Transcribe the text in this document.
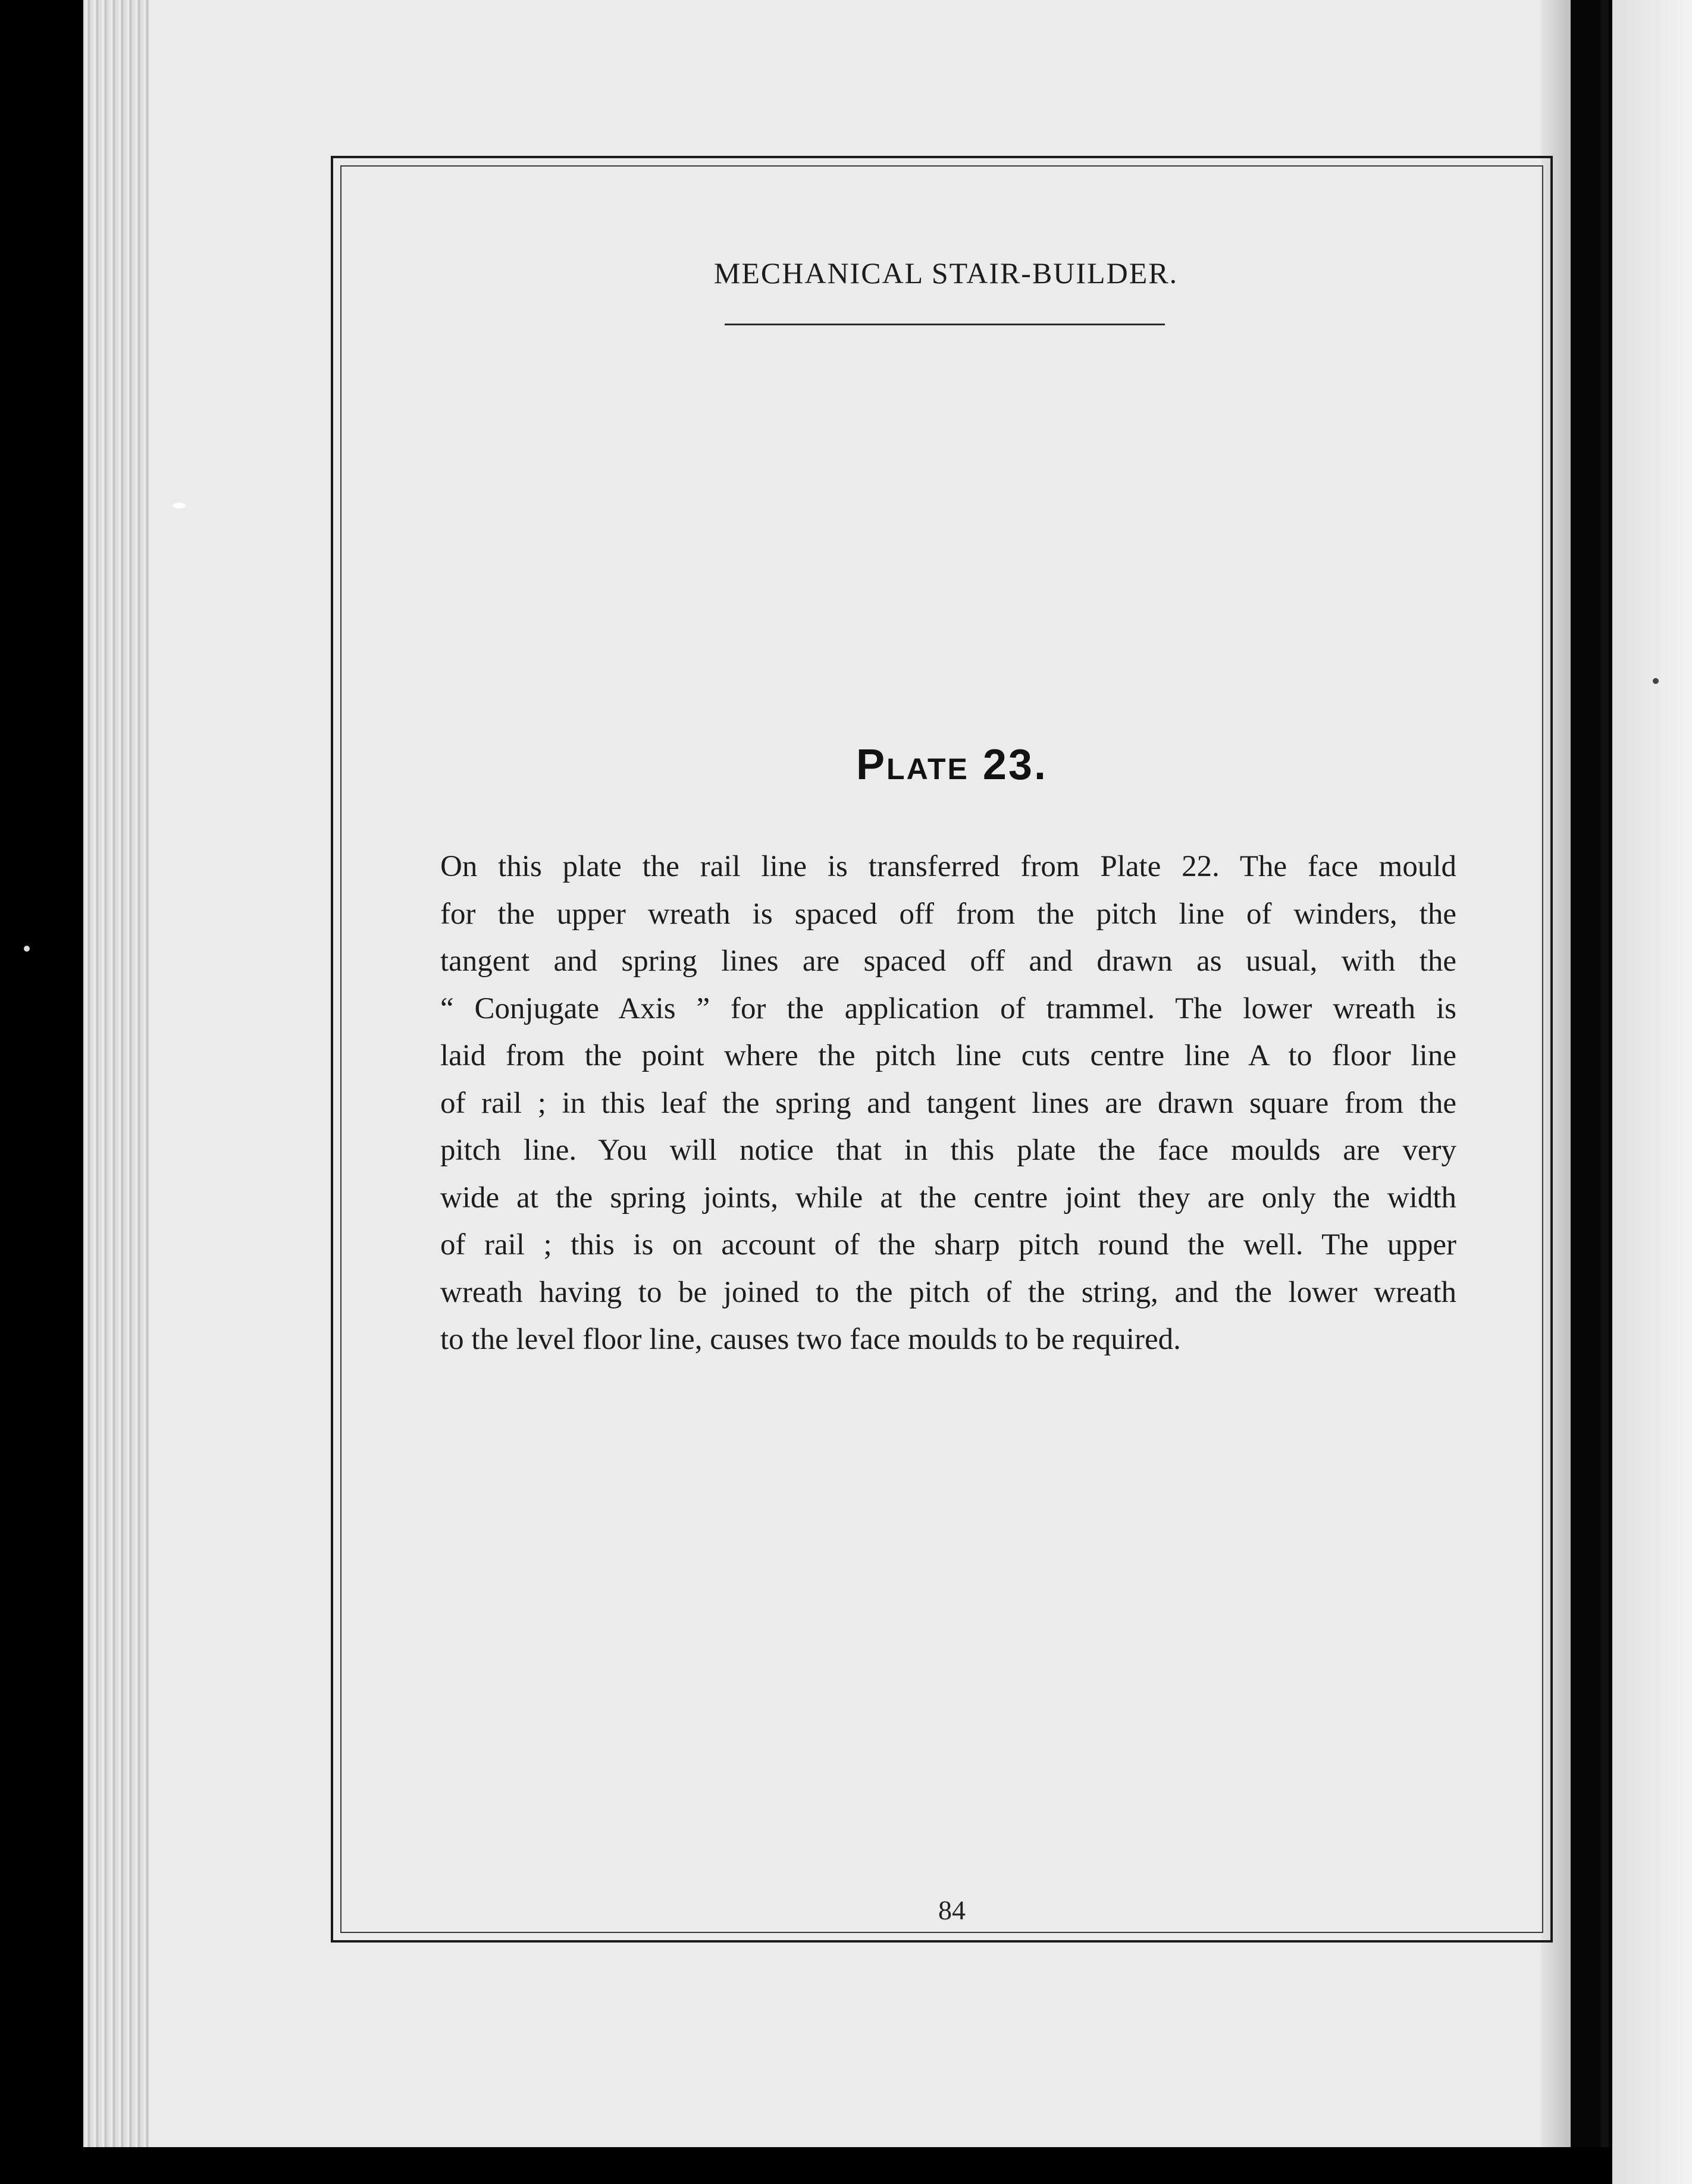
MECHANICAL STAIR-BUILDER.
Plate 23.
On this plate the rail line is transferred from Plate 22. The face mould
for the upper wreath is spaced off from the pitch line of winders, the
tangent and spring lines are spaced off and drawn as usual, with the
“ Conjugate Axis ” for the application of trammel. The lower wreath is
laid from the point where the pitch line cuts centre line A to floor line
of rail ; in this leaf the spring and tangent lines are drawn square from the
pitch line. You will notice that in this plate the face moulds are very
wide at the spring joints, while at the centre joint they are only the width
of rail ; this is on account of the sharp pitch round the well. The upper
wreath having to be joined to the pitch of the string, and the lower wreath
to the level floor line, causes two face moulds to be required.
84
